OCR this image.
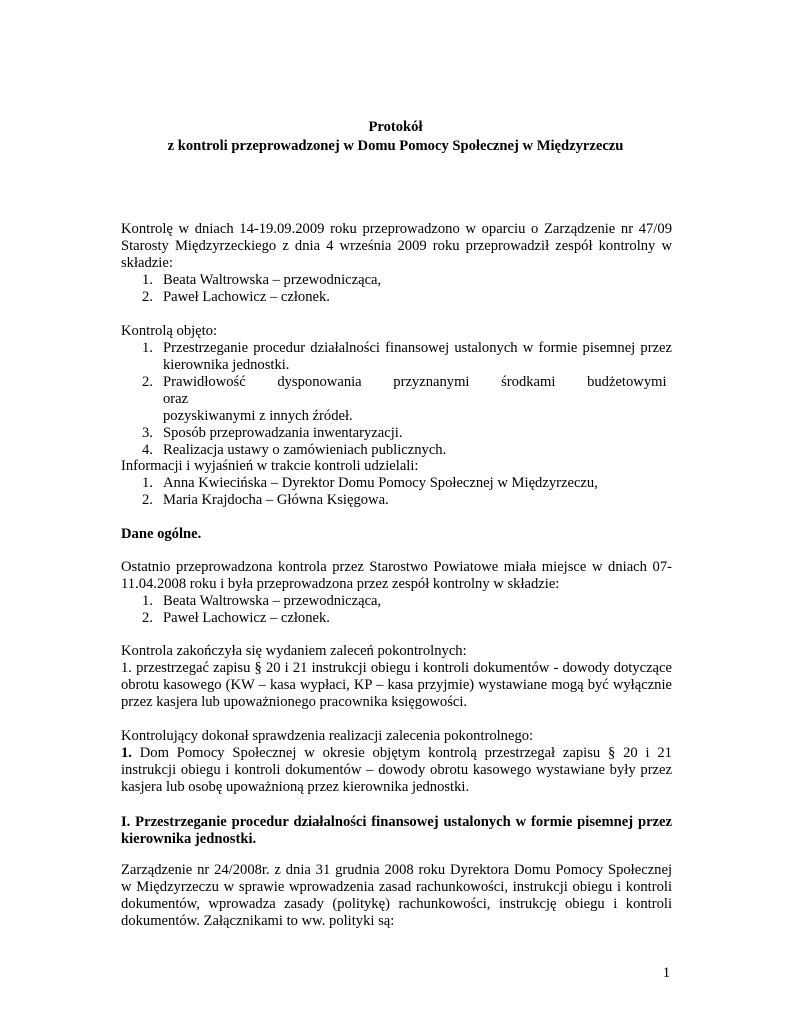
Protokół
z kontroli przeprowadzonej w Domu Pomocy Społecznej w Międzyrzeczu

Kontrolę w dniach 14-19.09.2009 roku przeprowadzono w oparciu o Zarządzenie nr 47/09 Starosty Międzyrzeckiego z dnia 4 września 2009 roku przeprowadził zespół kontrolny w składzie:

1. Beata Waltrowska – przewodnicząca,
2. Paweł Lachowicz – członek.

Kontrolą objęto:

1. Przestrzeganie procedur działalności finansowej ustalonych w formie pisemnej przez kierownika jednostki.
2. Prawidłowość dysponowania przyznanymi środkami budżetowymi oraz
pozyskiwanymi z innych źródeł.
3. Sposób przeprowadzania inwentaryzacji.
4. Realizacja ustawy o zamówieniach publicznych.

Informacji i wyjaśnień w trakcie kontroli udzielali:

1. Anna Kwiecińska – Dyrektor Domu Pomocy Społecznej w Międzyrzeczu,
2. Maria Krajdocha – Główna Księgowa.
Dane ogólne.

Ostatnio przeprowadzona kontrola przez Starostwo Powiatowe miała miejsce w dniach 07-11.04.2008 roku i była przeprowadzona przez zespół kontrolny w składzie:

1. Beata Waltrowska – przewodnicząca,
2. Paweł Lachowicz – członek.

Kontrola zakończyła się wydaniem zaleceń pokontrolnych:

1. przestrzegać zapisu § 20 i 21 instrukcji obiegu i kontroli dokumentów - dowody dotyczące obrotu kasowego (KW – kasa wypłaci, KP – kasa przyjmie) wystawiane mogą być wyłącznie przez kasjera lub upoważnionego pracownika księgowości.

Kontrolujący dokonał sprawdzenia realizacji zalecenia pokontrolnego:

1. Dom Pomocy Społecznej w okresie objętym kontrolą przestrzegał zapisu § 20 i 21 instrukcji obiegu i kontroli dokumentów – dowody obrotu kasowego wystawiane były przez kasjera lub osobę upoważnioną przez kierownika jednostki.

I. Przestrzeganie procedur działalności finansowej ustalonych w formie pisemnej przez kierownika jednostki.
Zarządzenie nr 24/2008r. z dnia 31 grudnia 2008 roku Dyrektora Domu Pomocy Społecznej w Międzyrzeczu w sprawie wprowadzenia zasad rachunkowości, instrukcji obiegu i kontroli dokumentów, wprowadza zasady (politykę) rachunkowości, instrukcję obiegu i kontroli dokumentów. Załącznikami to ww. polityki są:
1
